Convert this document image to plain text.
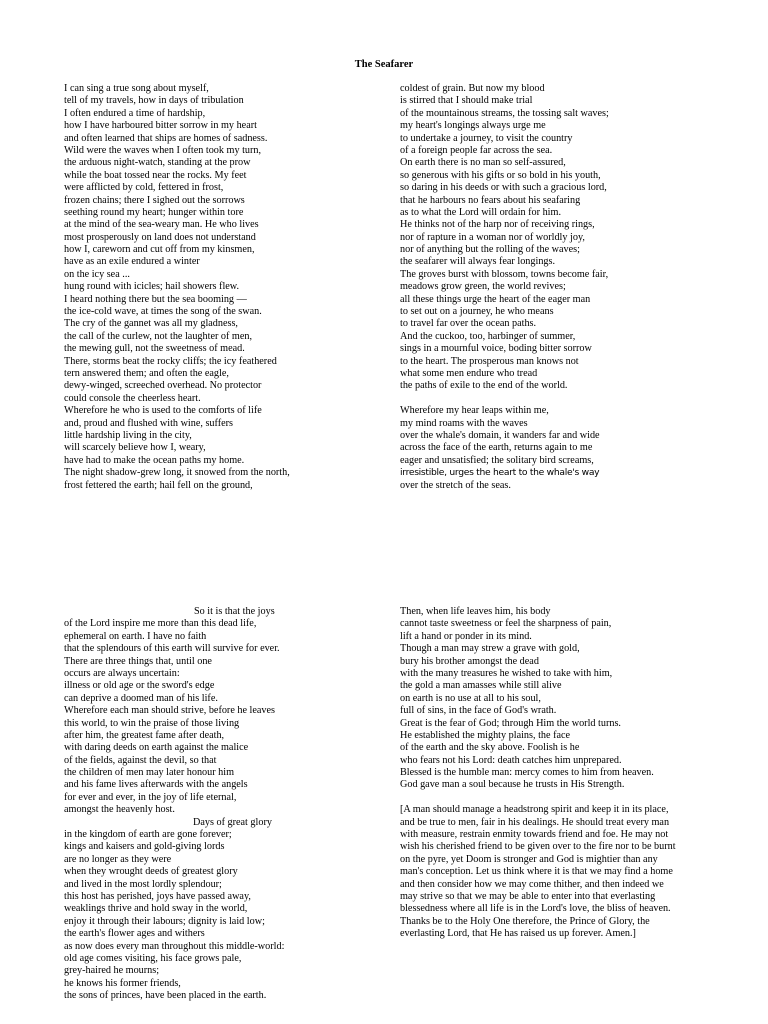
The Seafarer
I can sing a true song about myself,
tell of my travels, how in days of tribulation
I often endured a time of hardship,
how I have harboured bitter sorrow in my heart
and often learned that ships are homes of sadness.
Wild were the waves when I often took my turn,
the arduous night-watch, standing at the prow
while the boat tossed near the rocks. My feet
were afflicted by cold, fettered in frost,
frozen chains; there I sighed out the sorrows
seething round my heart; hunger within tore
at the mind of the sea-weary man. He who lives
most prosperously on land does not understand
how I, careworn and cut off from my kinsmen,
have as an exile endured a winter
on the icy sea ...
hung round with icicles; hail showers flew.
I heard nothing there but the sea booming —
the ice-cold wave, at times the song of the swan.
The cry of the gannet was all my gladness,
the call of the curlew, not the laughter of men,
the mewing gull, not the sweetness of mead.
There, storms beat the rocky cliffs; the icy feathered
tern answered them; and often the eagle,
dewy-winged, screeched overhead. No protector
could console the cheerless heart.
Wherefore he who is used to the comforts of life
and, proud and flushed with wine, suffers
little hardship living in the city,
will scarcely believe how I, weary,
have had to make the ocean paths my home.
The night shadow-grew long, it snowed from the north,
frost fettered the earth; hail fell on the ground,
coldest of grain. But now my blood
is stirred that I should make trial
of the mountainous streams, the tossing salt waves;
my heart's longings always urge me
to undertake a journey, to visit the country
of a foreign people far across the sea.
On earth there is no man so self-assured,
so generous with his gifts or so bold in his youth,
so daring in his deeds or with such a gracious lord,
that he harbours no fears about his seafaring
as to what the Lord will ordain for him.
He thinks not of the harp nor of receiving rings,
nor of rapture in a woman nor of worldly joy,
nor of anything but the rolling of the waves;
the seafarer will always fear longings.
The groves burst with blossom, towns become fair,
meadows grow green, the world revives;
all these things urge the heart of the eager man
to set out on a journey, he who means
to travel far over the ocean paths.
And the cuckoo, too, harbinger of summer,
sings in a mournful voice, boding bitter sorrow
to the heart. The prosperous man knows not
what some men endure who tread
the paths of exile to the end of the world.
Wherefore my hear leaps within me,
my mind roams with the waves
over the whale's domain, it wanders far and wide
across the face of the earth, returns again to me
eager and unsatisfied; the solitary bird screams,
irresistible, urges the heart to the whale's way
over the stretch of the seas.
So it is that the joys
of the Lord inspire me more than this dead life,
ephemeral on earth. I have no faith
that the splendours of this earth will survive for ever.
There are three things that, until one
occurs are always uncertain:
illness or old age or the sword's edge
can deprive a doomed man of his life.
Wherefore each man should strive, before he leaves
this world, to win the praise of those living
after him, the greatest fame after death,
with daring deeds on earth against the malice
of the fields, against the devil, so that
the children of men may later honour him
and his fame lives afterwards with the angels
for ever and ever, in the joy of life eternal,
amongst the heavenly host.
Days of great glory
in the kingdom of earth are gone forever;
kings and kaisers and gold-giving lords
are no longer as they were
when they wrought deeds of greatest glory
and lived in the most lordly splendour;
this host has perished, joys have passed away,
weaklings thrive and hold sway in the world,
enjoy it through their labours; dignity is laid low;
the earth's flower ages and withers
as now does every man throughout this middle-world:
old age comes visiting, his face grows pale,
grey-haired he mourns;
he knows his former friends,
the sons of princes, have been placed in the earth.
Then, when life leaves him, his body
cannot taste sweetness or feel the sharpness of pain,
lift a hand or ponder in its mind.
Though a man may strew a grave with gold,
bury his brother amongst the dead
with the many treasures he wished to take with him,
the gold a man amasses while still alive
on earth is no use at all to his soul,
full of sins, in the face of God's wrath.
Great is the fear of God; through Him the world turns.
He established the mighty plains, the face
of the earth and the sky above. Foolish is he
who fears not his Lord: death catches him unprepared.
Blessed is the humble man: mercy comes to him from heaven.
God gave man a soul because he trusts in His Strength.
[A man should manage a headstrong spirit and keep it in its place,
and be true to men, fair in his dealings. He should treat every man
with measure, restrain enmity towards friend and foe. He may not
wish his cherished friend to be given over to the fire nor to be burnt
on the pyre, yet Doom is stronger and God is mightier than any
man's conception. Let us think where it is that we may find a home
and then consider how we may come thither, and then indeed we
may strive so that we may be able to enter into that everlasting
blessedness where all life is in the Lord's love, the bliss of heaven.
Thanks be to the Holy One therefore, the Prince of Glory, the
everlasting Lord, that He has raised us up forever. Amen.]
